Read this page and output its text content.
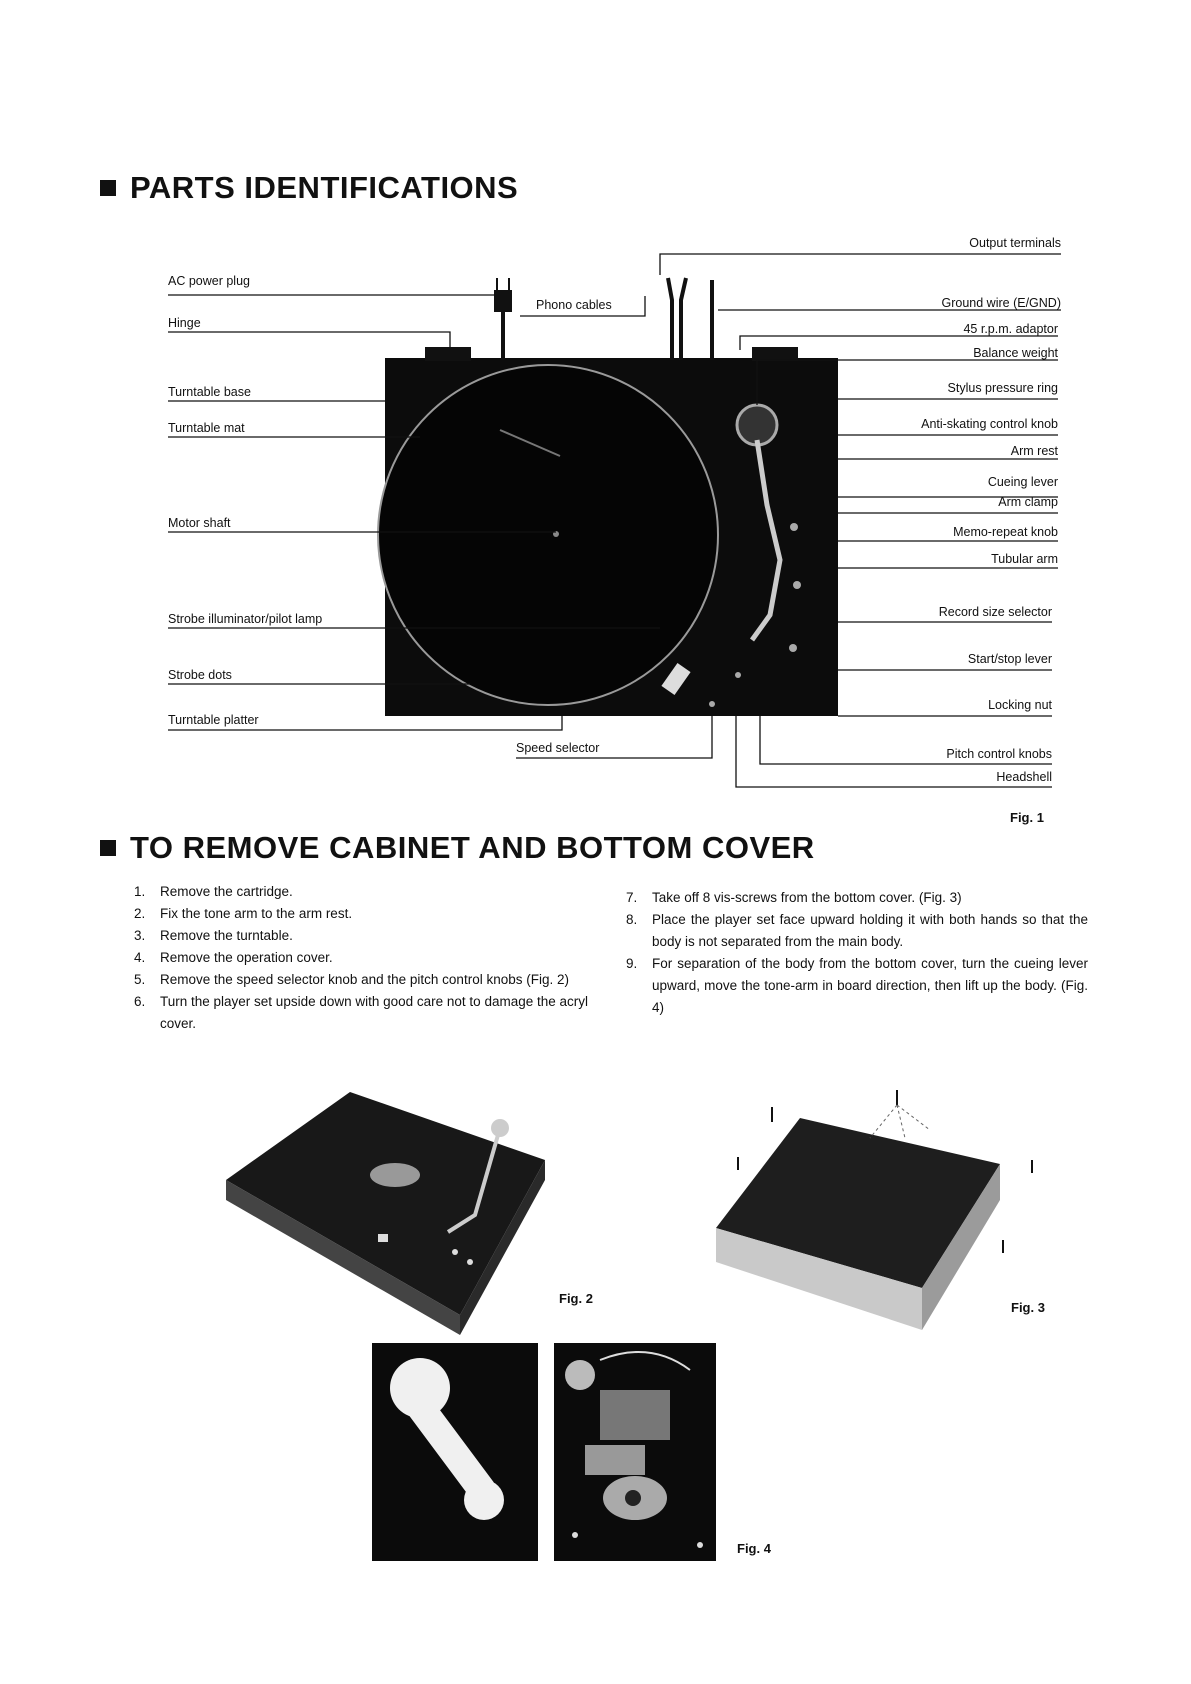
PARTS IDENTIFICATIONS
AC power plug
Hinge
Turntable base
Turntable mat
Motor shaft
Strobe illuminator/pilot lamp
Strobe dots
Turntable platter
Phono cables
Speed selector
Output terminals
Ground wire (E/GND)
45 r.p.m. adaptor
Balance weight
Stylus pressure ring
Anti-skating control knob
Arm rest
Cueing lever
Arm clamp
Memo-repeat knob
Tubular arm
Record size selector
Start/stop lever
Locking nut
Pitch control knobs
Headshell
Fig. 1
TO REMOVE CABINET AND BOTTOM COVER
1. Remove the cartridge.
2. Fix the tone arm to the arm rest.
3. Remove the turntable.
4. Remove the operation cover.
5. Remove the speed selector knob and the pitch control knobs (Fig. 2)
6. Turn the player set upside down with good care not to damage the acryl cover.
7. Take off 8 vis-screws from the bottom cover. (Fig. 3)
8. Place the player set face upward holding it with both hands so that the body is not separated from the main body.
9. For separation of the body from the bottom cover, turn the cueing lever upward, move the tone-arm in board direction, then lift up the body. (Fig. 4)
Fig. 2
Fig. 3
Fig. 4
